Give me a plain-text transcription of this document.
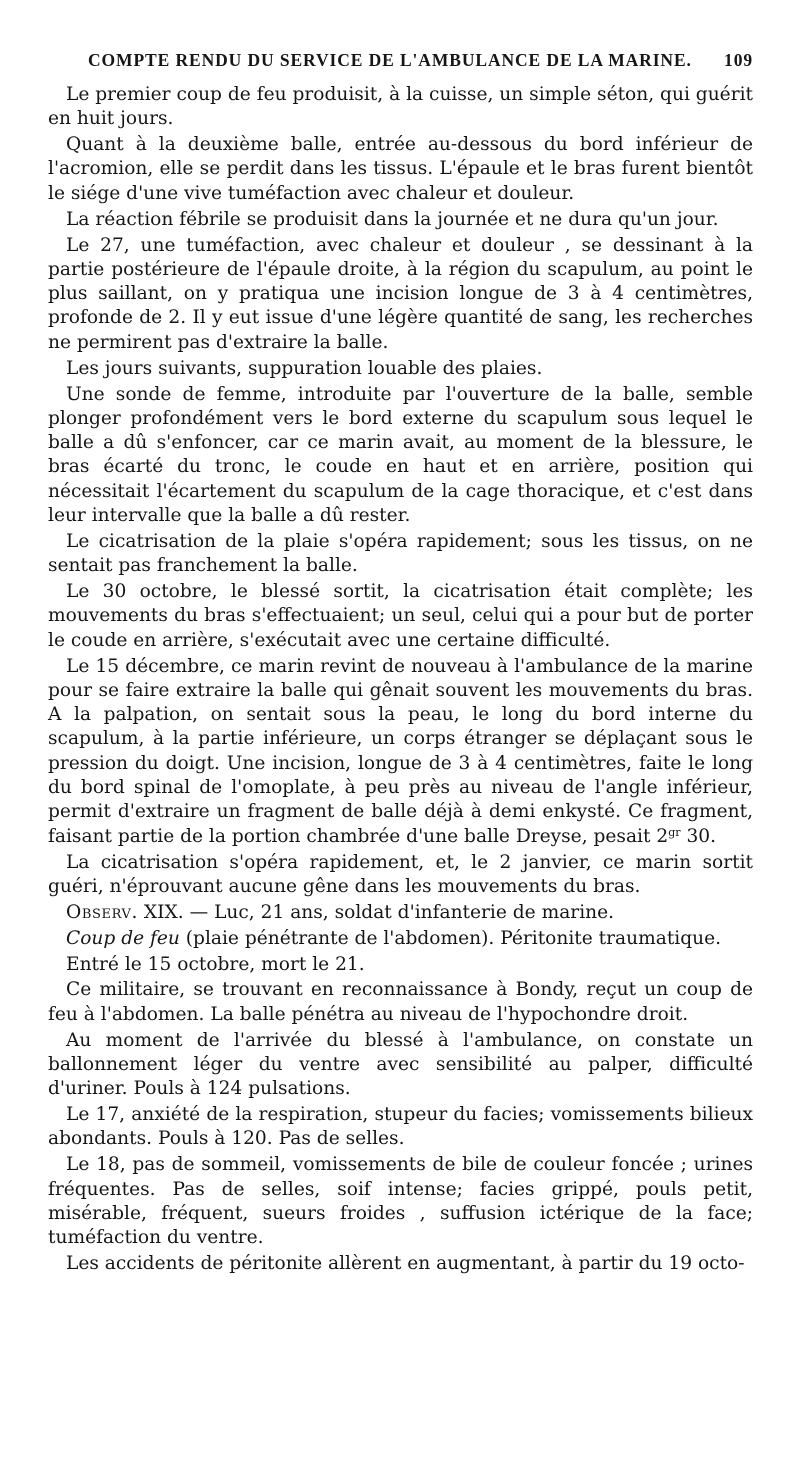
COMPTE RENDU DU SERVICE DE L'AMBULANCE DE LA MARINE. 109

Le premier coup de feu produisit, à la cuisse, un simple séton, qui guérit en huit jours.

Quant à la deuxième balle, entrée au-dessous du bord inférieur de l'acromion, elle se perdit dans les tissus. L'épaule et le bras furent bientôt le siége d'une vive tuméfaction avec chaleur et douleur.

La réaction fébrile se produisit dans la journée et ne dura qu'un jour.

Le 27, une tuméfaction, avec chaleur et douleur , se dessinant à la partie postérieure de l'épaule droite, à la région du scapulum, au point le plus saillant, on y pratiqua une incision longue de 3 à 4 centimètres, profonde de 2. Il y eut issue d'une légère quantité de sang, les recherches ne permirent pas d'extraire la balle.

Les jours suivants, suppuration louable des plaies.

Une sonde de femme, introduite par l'ouverture de la balle, semble plonger profondément vers le bord externe du scapulum sous lequel le balle a dû s'enfoncer, car ce marin avait, au moment de la blessure, le bras écarté du tronc, le coude en haut et en arrière, position qui nécessitait l'écartement du scapulum de la cage thoracique, et c'est dans leur intervalle que la balle a dû rester.

Le cicatrisation de la plaie s'opéra rapidement; sous les tissus, on ne sentait pas franchement la balle.

Le 30 octobre, le blessé sortit, la cicatrisation était complète; les mouvements du bras s'effectuaient; un seul, celui qui a pour but de porter le coude en arrière, s'exécutait avec une certaine difficulté.

Le 15 décembre, ce marin revint de nouveau à l'ambulance de la marine pour se faire extraire la balle qui gênait souvent les mouvements du bras. A la palpation, on sentait sous la peau, le long du bord interne du scapulum, à la partie inférieure, un corps étranger se déplaçant sous le pression du doigt. Une incision, longue de 3 à 4 centimètres, faite le long du bord spinal de l'omoplate, à peu près au niveau de l'angle inférieur, permit d'extraire un fragment de balle déjà à demi enkysté. Ce fragment, faisant partie de la portion chambrée d'une balle Dreyse, pesait $2^{gr}$ 30.

La cicatrisation s'opéra rapidement, et, le 2 janvier, ce marin sortit guéri, n'éprouvant aucune gêne dans les mouvements du bras.

Observ. XIX. — Luc, 21 ans, soldat d'infanterie de marine.

Coup de feu (plaie pénétrante de l'abdomen). Péritonite traumatique.

Entré le 15 octobre, mort le 21.

Ce militaire, se trouvant en reconnaissance à Bondy, reçut un coup de feu à l'abdomen. La balle pénétra au niveau de l'hypochondre droit.

Au moment de l'arrivée du blessé à l'ambulance, on constate un ballonnement léger du ventre avec sensibilité au palper, difficulté d'uriner. Pouls à 124 pulsations.

Le 17, anxiété de la respiration, stupeur du facies; vomissements bilieux abondants. Pouls à 120. Pas de selles.

Le 18, pas de sommeil, vomissements de bile de couleur foncée ; urines fréquentes. Pas de selles, soif intense; facies grippé, pouls petit, misérable, fréquent, sueurs froides , suffusion ictérique de la face; tuméfaction du ventre.

Les accidents de péritonite allèrent en augmentant, à partir du 19 octo-
